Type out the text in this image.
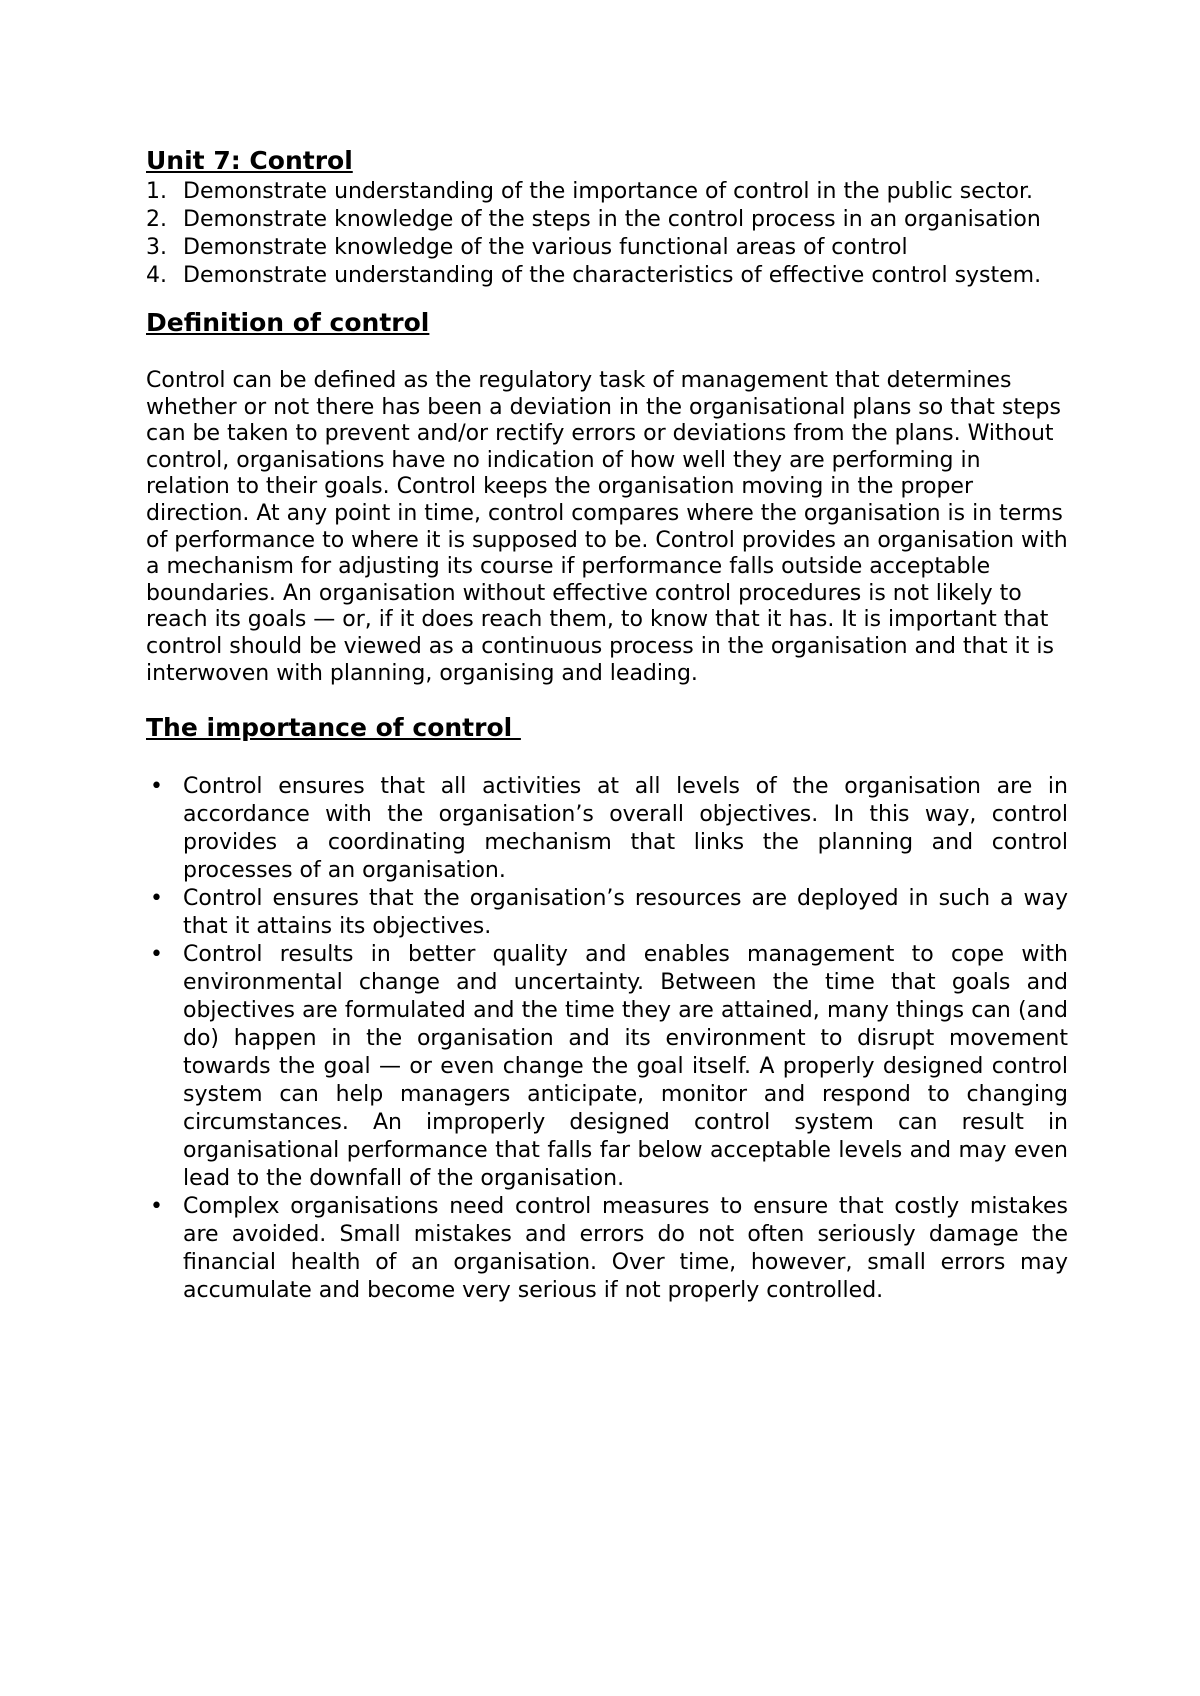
Unit 7: Control
1. Demonstrate understanding of the importance of control in the public sector.
2. Demonstrate knowledge of the steps in the control process in an organisation
3. Demonstrate knowledge of the various functional areas of control
4. Demonstrate understanding of the characteristics of effective control system.
Definition of control

Control can be defined as the regulatory task of management that determines whether or not there has been a deviation in the organisational plans so that steps can be taken to prevent and/or rectify errors or deviations from the plans. Without control, organisations have no indication of how well they are performing in relation to their goals. Control keeps the organisation moving in the proper direction. At any point in time, control compares where the organisation is in terms of performance to where it is supposed to be. Control provides an organisation with a mechanism for adjusting its course if performance falls outside acceptable boundaries. An organisation without effective control procedures is not likely to reach its goals — or, if it does reach them, to know that it has. It is important that control should be viewed as a continuous process in the organisation and that it is interwoven with planning, organising and leading.

The importance of control
• Control ensures that all activities at all levels of the organisation are in accordance with the organisation’s overall objectives. In this way, control provides a coordinating mechanism that links the planning and control processes of an organisation.
• Control ensures that the organisation’s resources are deployed in such a way that it attains its objectives.
• Control results in better quality and enables management to cope with environmental change and uncertainty. Between the time that goals and objectives are formulated and the time they are attained, many things can (and do) happen in the organisation and its environment to disrupt movement towards the goal — or even change the goal itself. A properly designed control system can help managers anticipate, monitor and respond to changing circumstances. An improperly designed control system can result in organisational performance that falls far below acceptable levels and may even lead to the downfall of the organisation.
• Complex organisations need control measures to ensure that costly mistakes are avoided. Small mistakes and errors do not often seriously damage the financial health of an organisation. Over time, however, small errors may accumulate and become very serious if not properly controlled.
